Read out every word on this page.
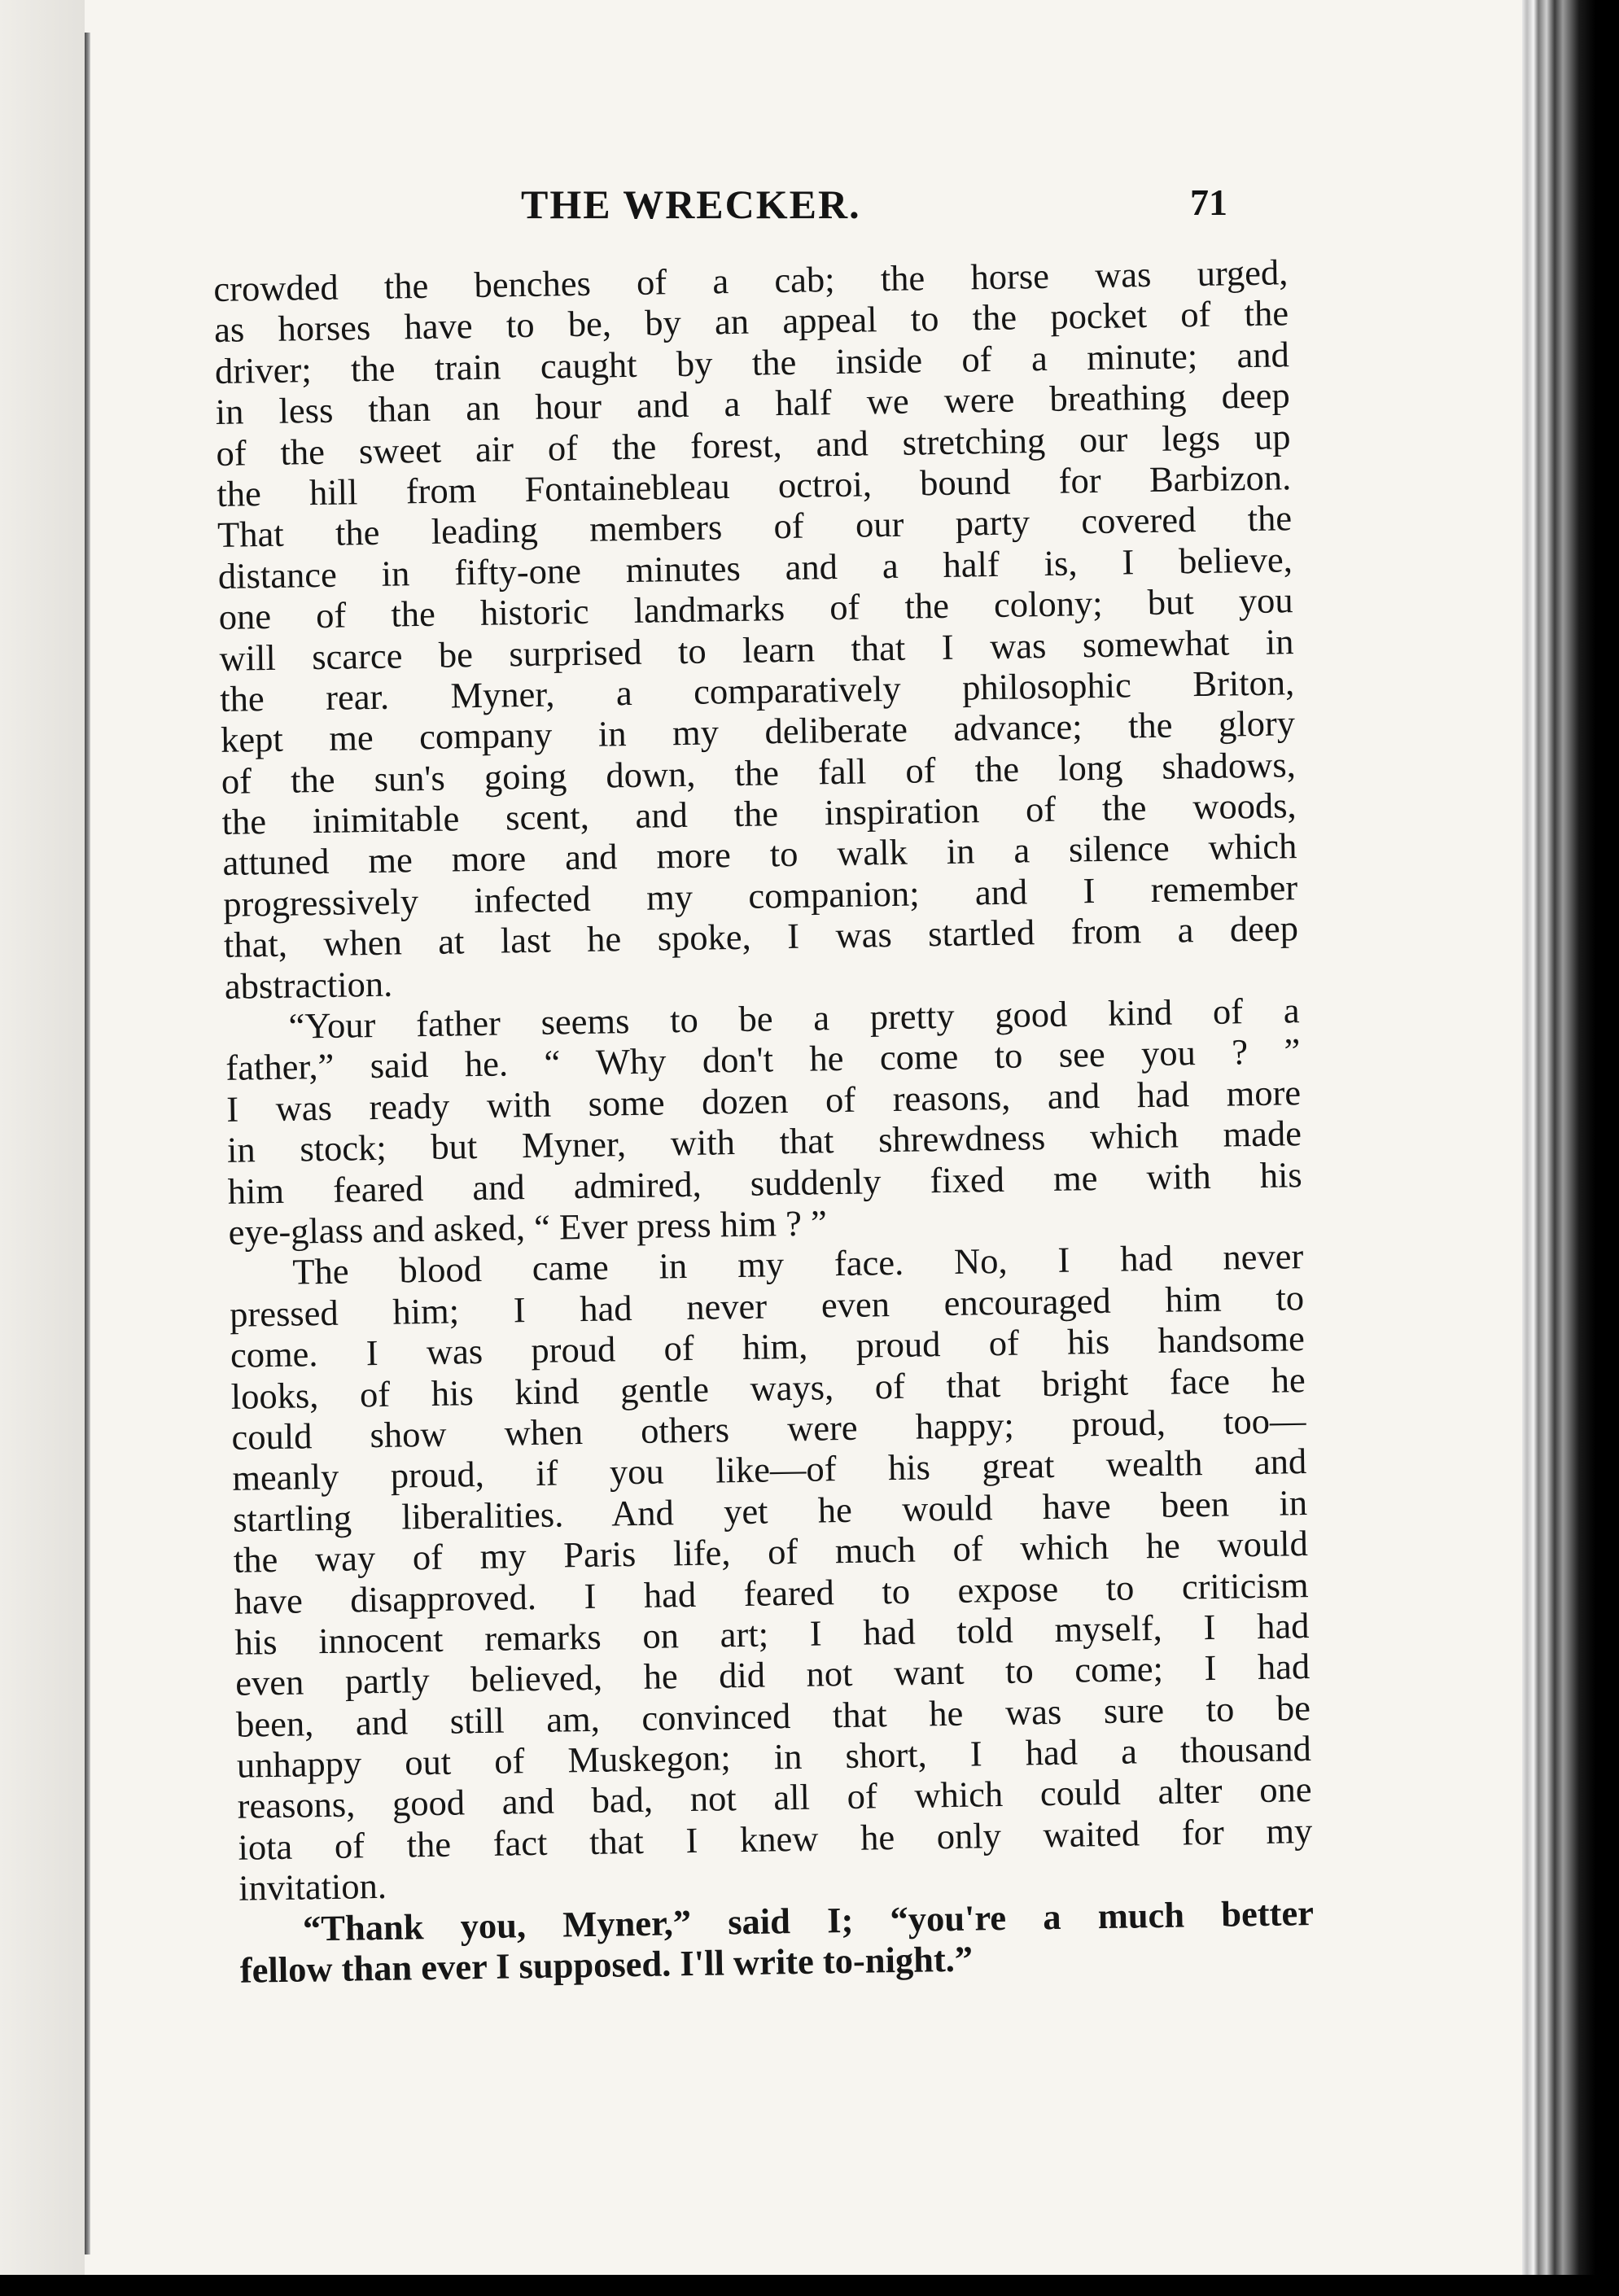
THE WRECKER.	71
crowded the benches of a cab; the horse was urged,
as horses have to be, by an appeal to the pocket of the
driver; the train caught by the inside of a minute; and
in less than an hour and a half we were breathing deep
of the sweet air of the forest, and stretching our legs up
the hill from Fontainebleau octroi, bound for Barbizon.
That the leading members of our party covered the
distance in fifty-one minutes and a half is, I believe,
one of the historic landmarks of the colony; but you
will scarce be surprised to learn that I was somewhat in
the rear. Myner, a comparatively philosophic Briton,
kept me company in my deliberate advance; the glory
of the sun's going down, the fall of the long shadows,
the inimitable scent, and the inspiration of the woods,
attuned me more and more to walk in a silence which
progressively infected my companion; and I remember
that, when at last he spoke, I was startled from a deep
abstraction.
“Your father seems to be a pretty good kind of a
father,” said he. “ Why don't he come to see you ? ”
I was ready with some dozen of reasons, and had more
in stock; but Myner, with that shrewdness which made
him feared and admired, suddenly fixed me with his
eye-glass and asked, “ Ever press him ? ”
The blood came in my face. No, I had never
pressed him; I had never even encouraged him to
come. I was proud of him, proud of his handsome
looks, of his kind gentle ways, of that bright face he
could show when others were happy; proud, too—
meanly proud, if you like—of his great wealth and
startling liberalities. And yet he would have been in
the way of my Paris life, of much of which he would
have disapproved. I had feared to expose to criticism
his innocent remarks on art; I had told myself, I had
even partly believed, he did not want to come; I had
been, and still am, convinced that he was sure to be
unhappy out of Muskegon; in short, I had a thousand
reasons, good and bad, not all of which could alter one
iota of the fact that I knew he only waited for my
invitation.
“Thank you, Myner,” said I; “you're a much better
fellow than ever I supposed. I'll write to-night.”
